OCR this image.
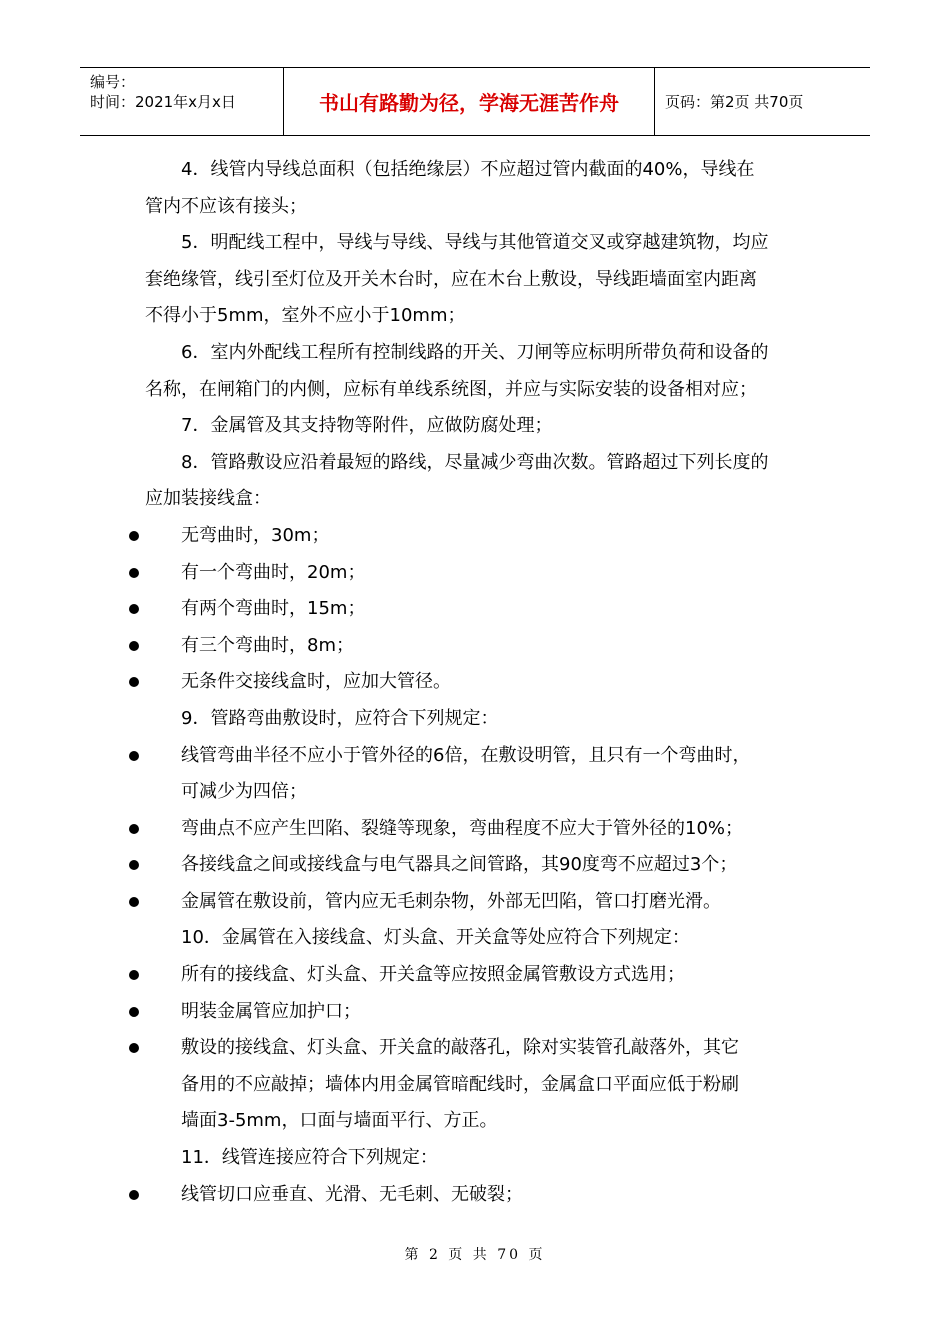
编号：
时间：2021年x月x日	书山有路勤为径，学海无涯苦作舟	页码：第2页 共70页
4．线管内导线总面积（包括绝缘层）不应超过管内截面的40%，导线在
管内不应该有接头；
5．明配线工程中，导线与导线、导线与其他管道交叉或穿越建筑物，均应
套绝缘管，线引至灯位及开关木台时，应在木台上敷设，导线距墙面室内距离
不得小于5mm，室外不应小于10mm；
6．室内外配线工程所有控制线路的开关、刀闸等应标明所带负荷和设备的
名称，在闸箱门的内侧，应标有单线系统图，并应与实际安装的设备相对应；
7．金属管及其支持物等附件，应做防腐处理；
8．管路敷设应沿着最短的路线，尽量减少弯曲次数。管路超过下列长度的
应加装接线盒：
无弯曲时，30m；
有一个弯曲时，20m；
有两个弯曲时，15m；
有三个弯曲时，8m；
无条件交接线盒时，应加大管径。
9．管路弯曲敷设时，应符合下列规定：
线管弯曲半径不应小于管外径的6倍，在敷设明管，且只有一个弯曲时，
可减少为四倍；
弯曲点不应产生凹陷、裂缝等现象，弯曲程度不应大于管外径的10%；
各接线盒之间或接线盒与电气器具之间管路，其90度弯不应超过3个；
金属管在敷设前，管内应无毛刺杂物，外部无凹陷，管口打磨光滑。
10．金属管在入接线盒、灯头盒、开关盒等处应符合下列规定：
所有的接线盒、灯头盒、开关盒等应按照金属管敷设方式选用；
明装金属管应加护口；
敷设的接线盒、灯头盒、开关盒的敲落孔，除对实装管孔敲落外，其它
备用的不应敲掉；墙体内用金属管暗配线时，金属盒口平面应低于粉刷
墙面3-5mm，口面与墙面平行、方正。
11．线管连接应符合下列规定：
线管切口应垂直、光滑、无毛刺、无破裂；
第 2 页 共 70 页
